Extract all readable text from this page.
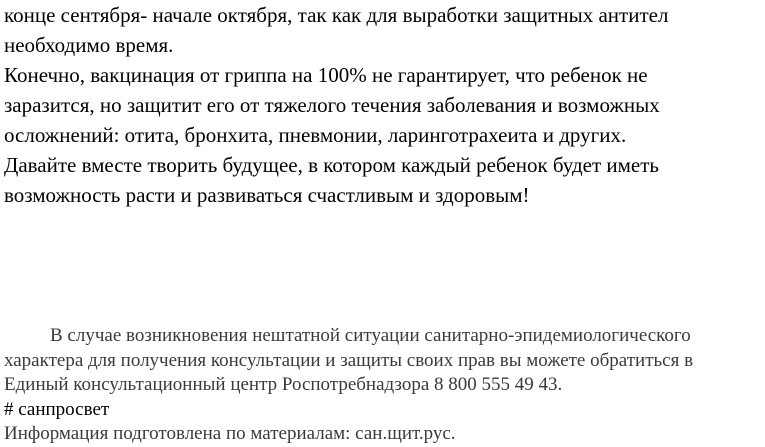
конце сентября- начале октября, так как для выработки защитных антител
необходимо время.
Конечно, вакцинация от гриппа на 100% не гарантирует, что ребенок не
заразится, но защитит его от тяжелого течения заболевания и возможных
осложнений: отита, бронхита, пневмонии, ларинготрахеита и других.
Давайте вместе творить будущее, в котором каждый ребенок будет иметь
возможность расти и развиваться счастливым и здоровым!
В случае возникновения нештатной ситуации санитарно-эпидемиологического
характера для получения консультации и защиты своих прав вы можете обратиться в
Единый консультационный центр Роспотребнадзора 8 800 555 49 43.
# санпросвет
Информация подготовлена по материалам: сан.щит.рус.
